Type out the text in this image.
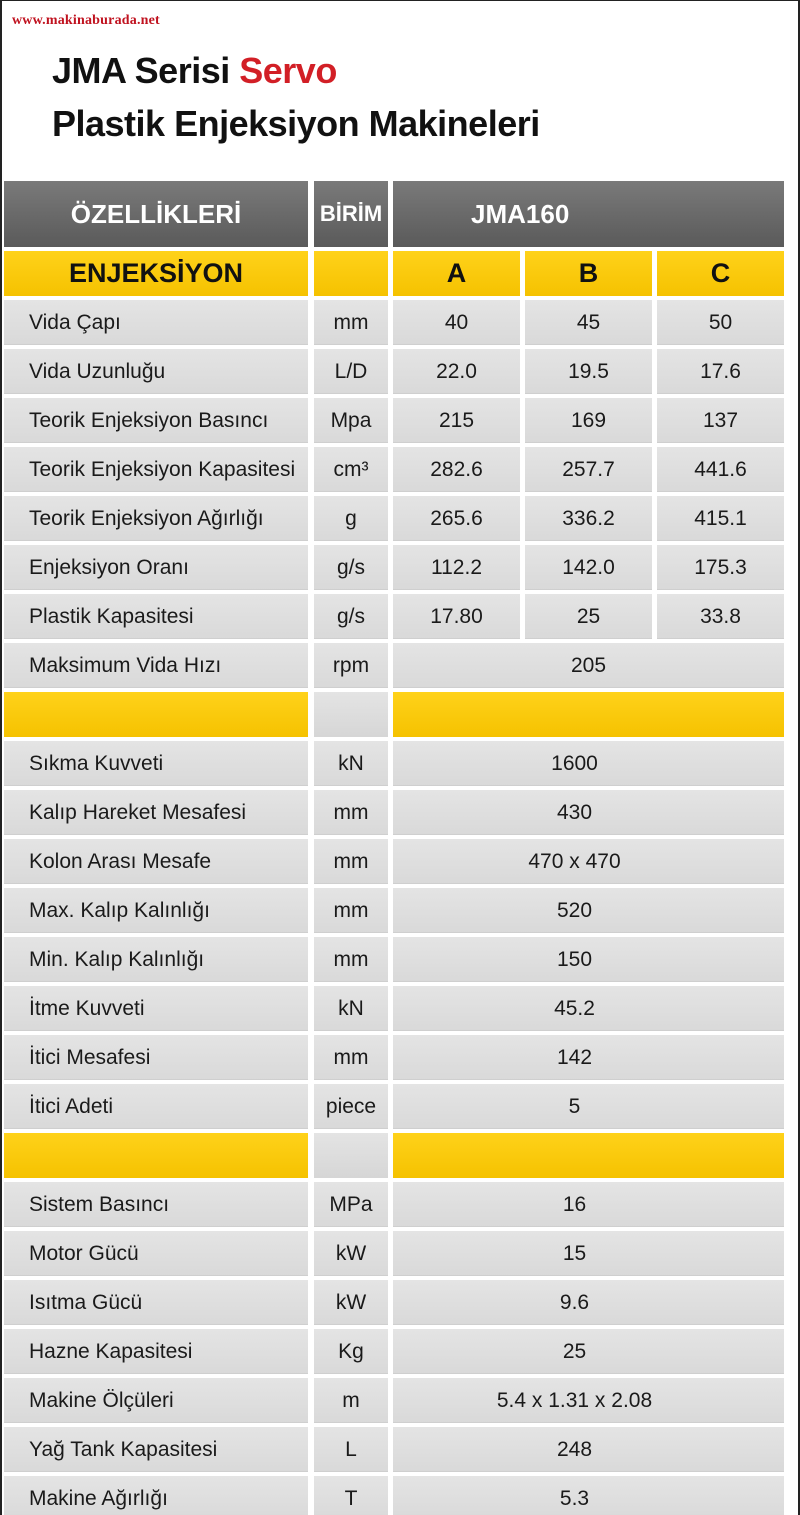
www.makinaburada.net
JMA Serisi Servo
Plastik Enjeksiyon Makineleri
ÖZELLİKLERİ	BİRİM	JMA160
ENJEKSİYON	A	B	C
Vida Çapı	mm	40	45	50
Vida Uzunluğu	L/D	22.0	19.5	17.6
Teorik Enjeksiyon Basıncı	Mpa	215	169	137
Teorik Enjeksiyon Kapasitesi	cm³	282.6	257.7	441.6
Teorik Enjeksiyon Ağırlığı	g	265.6	336.2	415.1
Enjeksiyon Oranı	g/s	112.2	142.0	175.3
Plastik Kapasitesi	g/s	17.80	25	33.8
Maksimum Vida Hızı	rpm	205
Sıkma Kuvveti	kN	1600
Kalıp Hareket Mesafesi	mm	430
Kolon Arası Mesafe	mm	470 x 470
Max. Kalıp Kalınlığı	mm	520
Min. Kalıp Kalınlığı	mm	150
İtme Kuvveti	kN	45.2
İtici Mesafesi	mm	142
İtici Adeti	piece	5
Sistem Basıncı	MPa	16
Motor Gücü	kW	15
Isıtma Gücü	kW	9.6
Hazne Kapasitesi	Kg	25
Makine Ölçüleri	m	5.4 x 1.31 x 2.08
Yağ Tank Kapasitesi	L	248
Makine Ağırlığı	T	5.3
